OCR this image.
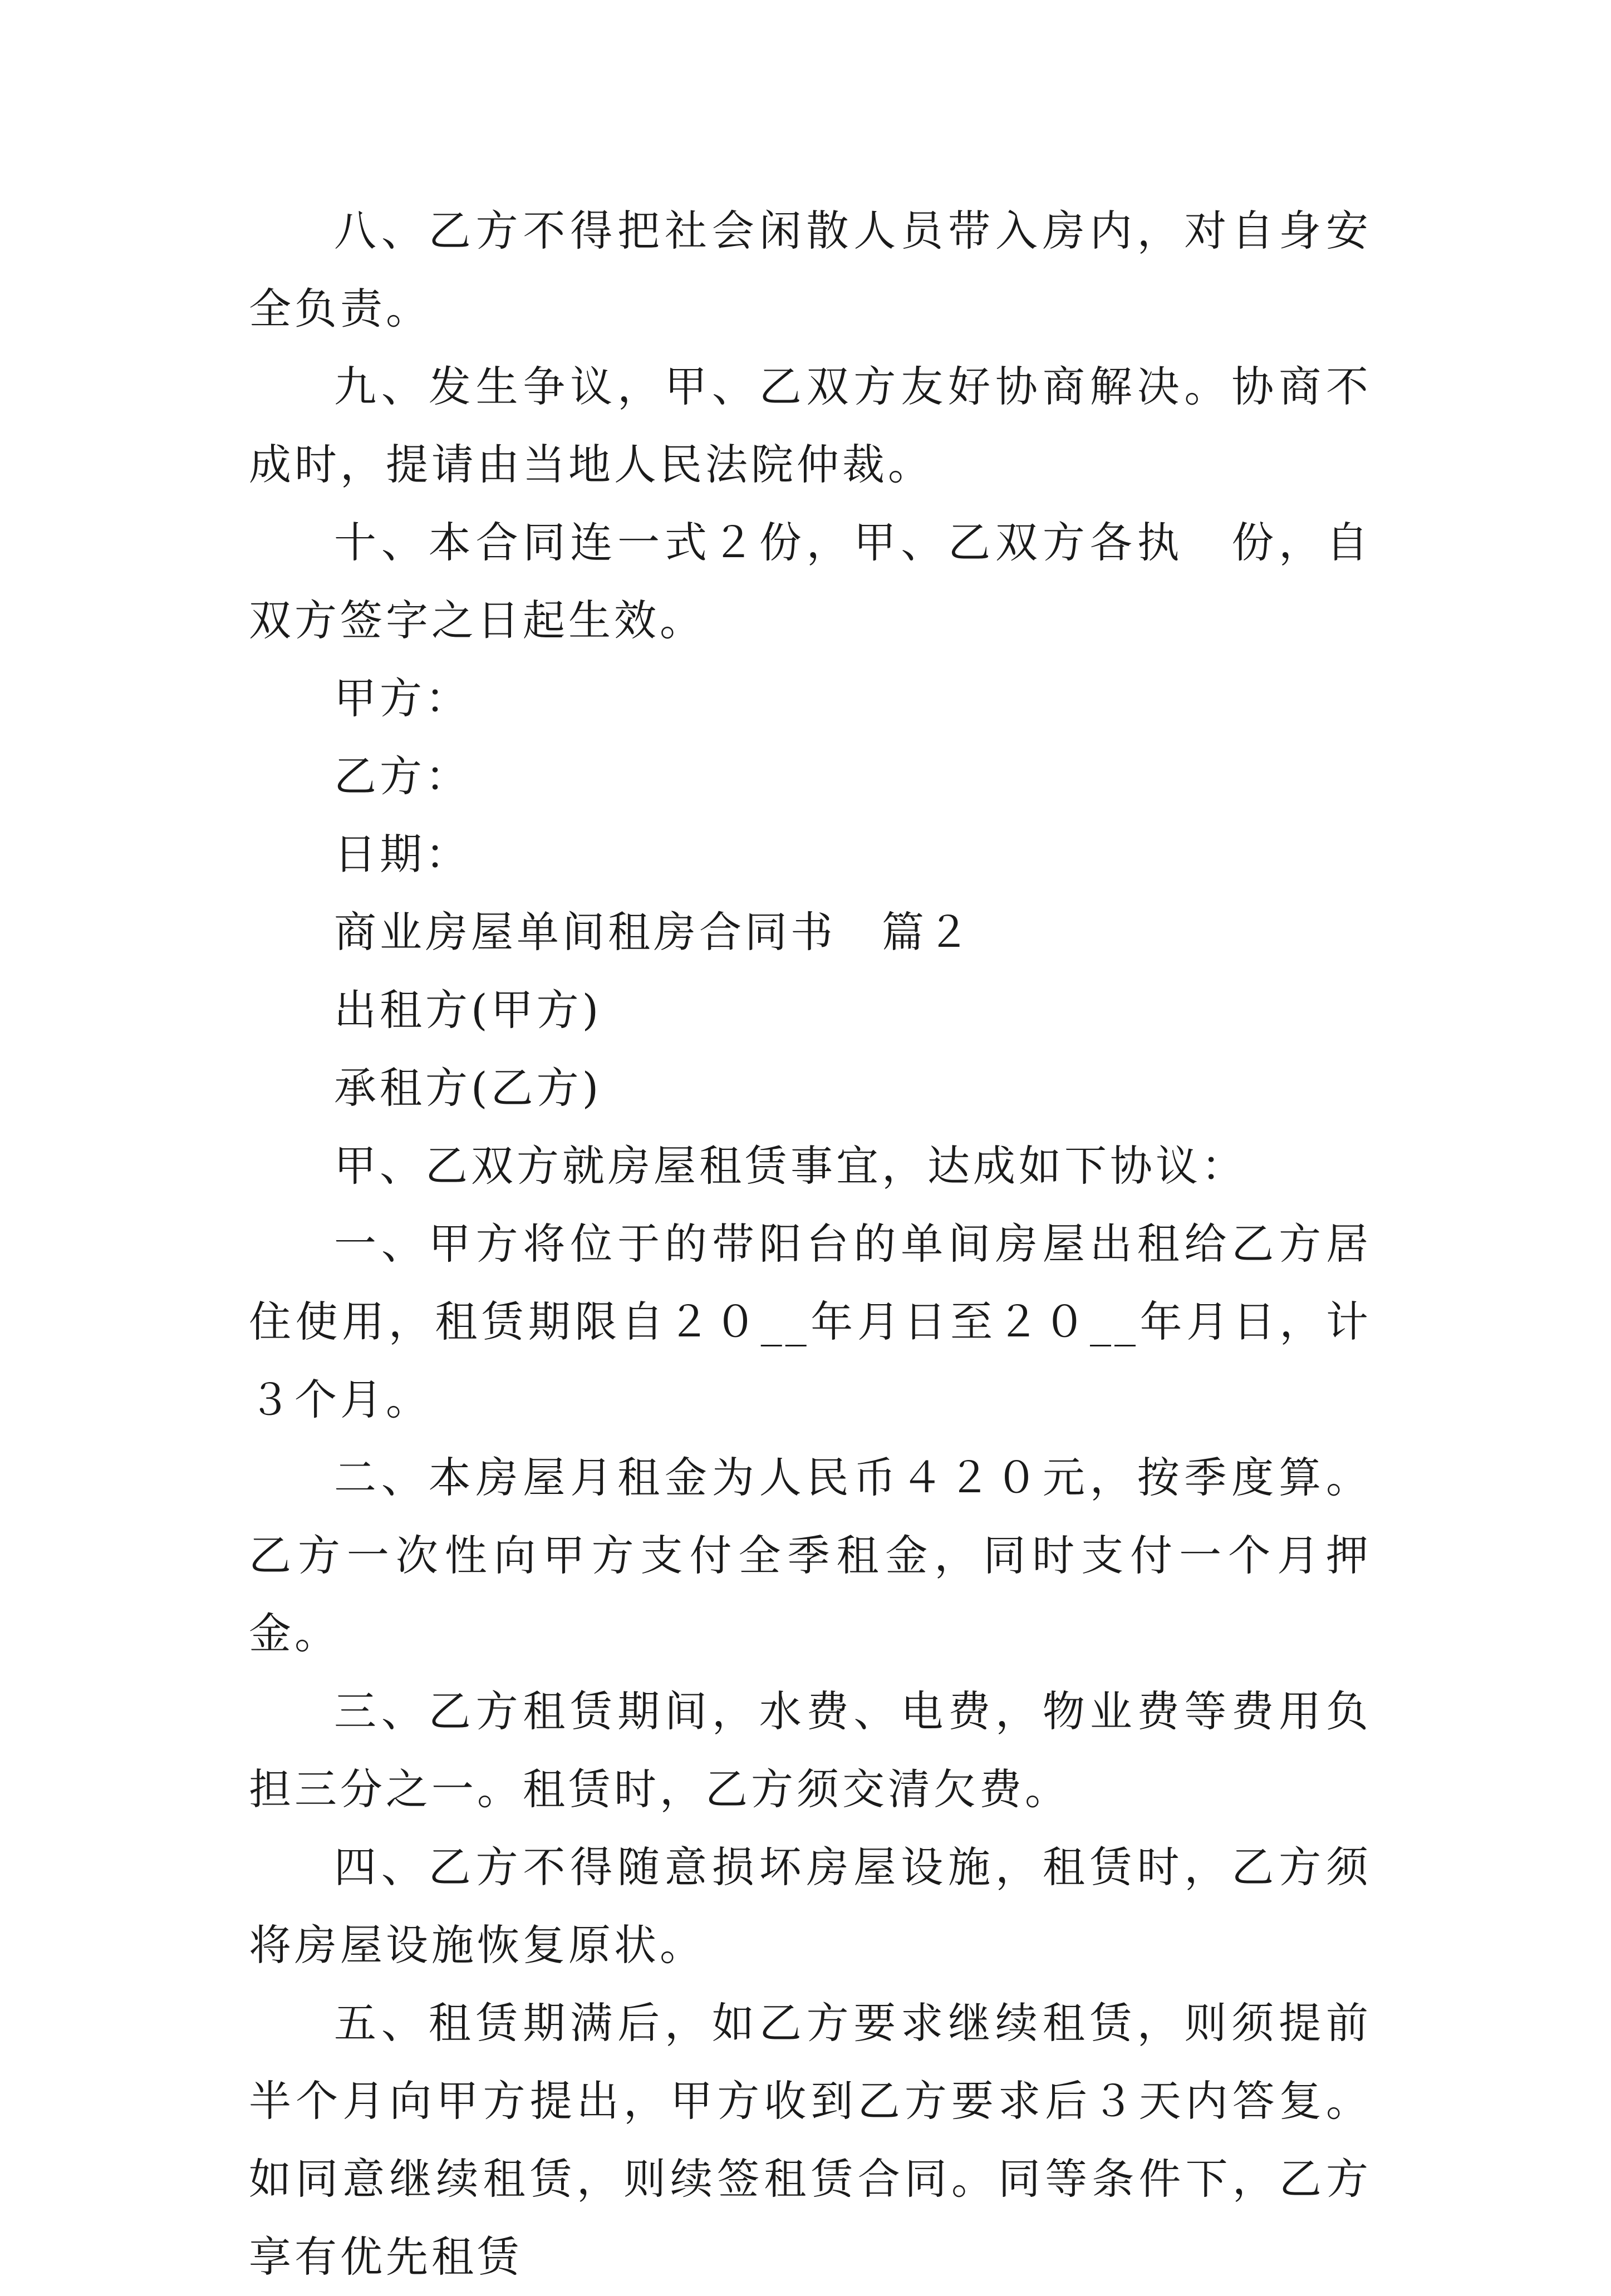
八、乙方不得把社会闲散人员带入房内，对自身安全负责。

九、发生争议，甲、乙双方友好协商解决。协商不成时，提请由当地人民法院仲裁。

十、本合同连一式２份，甲、乙双方各执　份，自双方签字之日起生效。

甲方：

乙方：

日期：

商业房屋单间租房合同书　篇２

出租方(甲方)

承租方(乙方)

甲、乙双方就房屋租赁事宜，达成如下协议：

一、甲方将位于的带阳台的单间房屋出租给乙方居住使用，租赁期限自２０__年月日至２０__年月日，计３个月。

二、本房屋月租金为人民币４２０元，按季度算。乙方一次性向甲方支付全季租金，同时支付一个月押金。

三、乙方租赁期间，水费、电费，物业费等费用负担三分之一。租赁时，乙方须交清欠费。

四、乙方不得随意损坏房屋设施，租赁时，乙方须将房屋设施恢复原状。

五、租赁期满后，如乙方要求继续租赁，则须提前半个月向甲方提出，甲方收到乙方要求后３天内答复。如同意继续租赁，则续签租赁合同。同等条件下，乙方享有优先租赁
